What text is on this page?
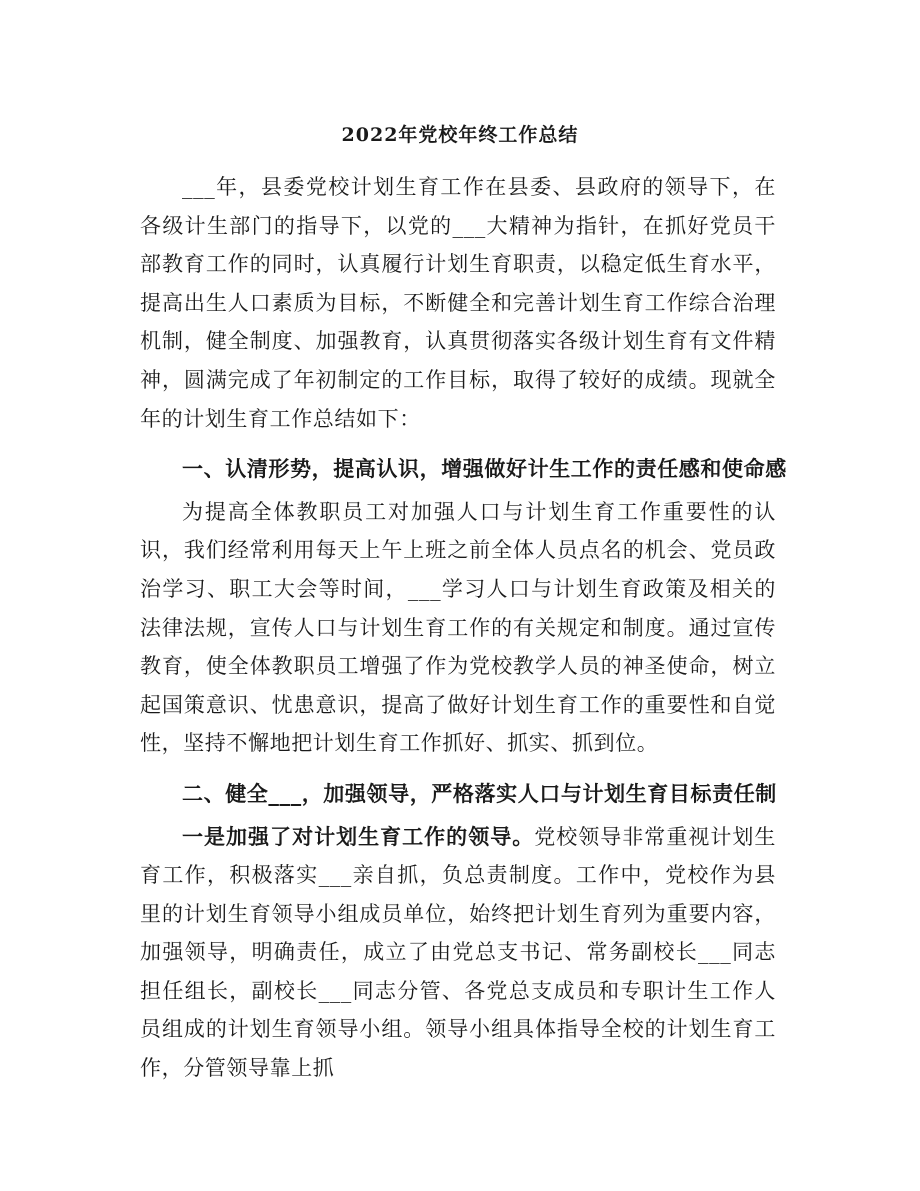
2022年党校年终工作总结

___年，县委党校计划生育工作在县委、县政府的领导下，在各级计生部门的指导下，以党的___大精神为指针，在抓好党员干部教育工作的同时，认真履行计划生育职责，以稳定低生育水平，提高出生人口素质为目标，不断健全和完善计划生育工作综合治理机制，健全制度、加强教育，认真贯彻落实各级计划生育有文件精神，圆满完成了年初制定的工作目标，取得了较好的成绩。现就全年的计划生育工作总结如下：

一、认清形势，提高认识，增强做好计生工作的责任感和使命感

为提高全体教职员工对加强人口与计划生育工作重要性的认识，我们经常利用每天上午上班之前全体人员点名的机会、党员政治学习、职工大会等时间，___学习人口与计划生育政策及相关的法律法规，宣传人口与计划生育工作的有关规定和制度。通过宣传教育，使全体教职员工增强了作为党校教学人员的神圣使命，树立起国策意识、忧患意识，提高了做好计划生育工作的重要性和自觉性，坚持不懈地把计划生育工作抓好、抓实、抓到位。

二、健全___，加强领导，严格落实人口与计划生育目标责任制

一是加强了对计划生育工作的领导。党校领导非常重视计划生育工作，积极落实___亲自抓，负总责制度。工作中，党校作为县里的计划生育领导小组成员单位，始终把计划生育列为重要内容，加强领导，明确责任，成立了由党总支书记、常务副校长___同志担任组长，副校长___同志分管、各党总支成员和专职计生工作人员组成的计划生育领导小组。领导小组具体指导全校的计划生育工作，分管领导靠上抓
